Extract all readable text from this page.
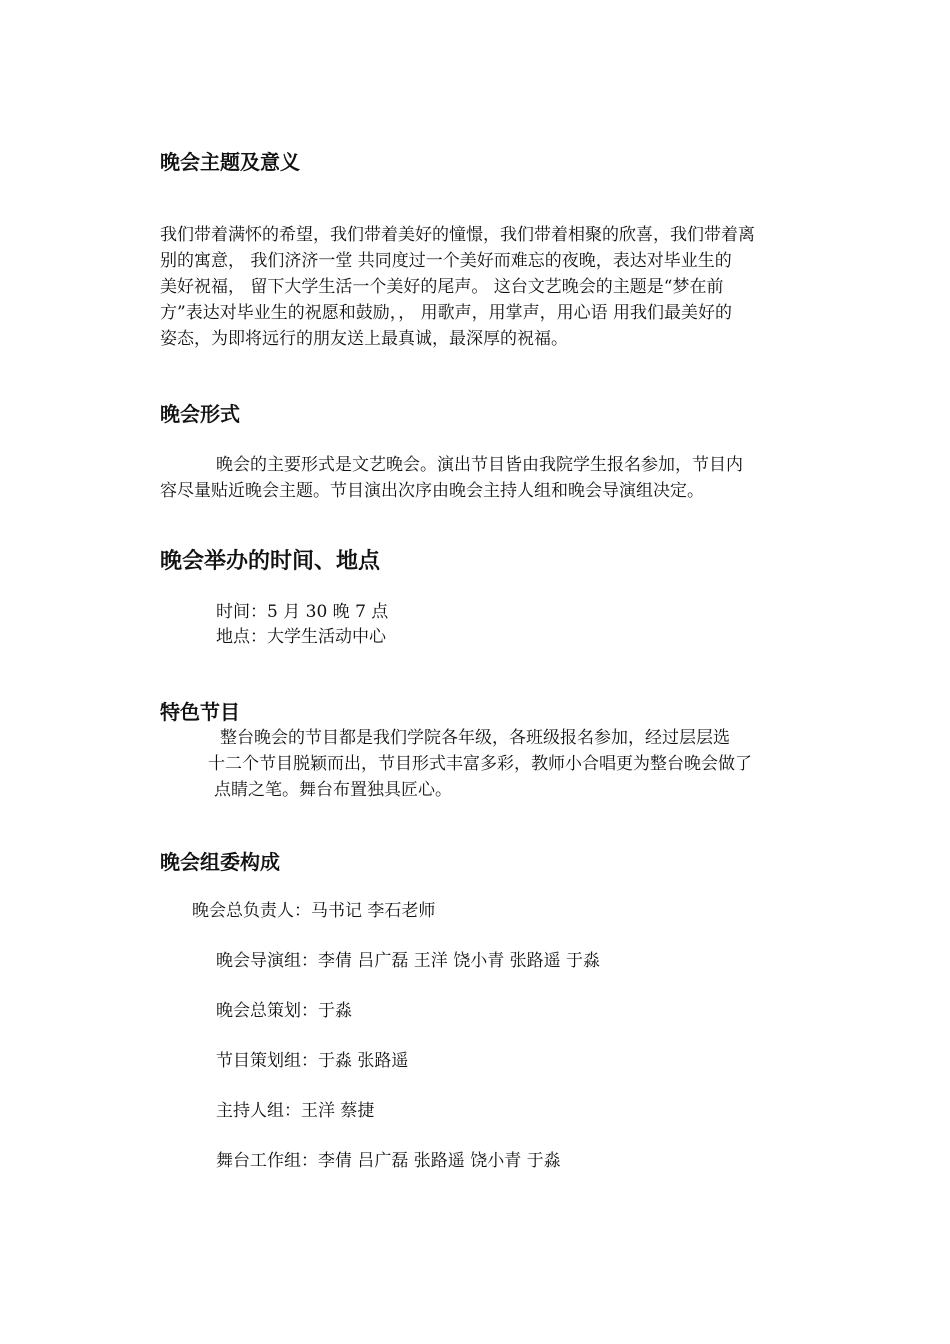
晚会主题及意义
我们带着满怀的希望，我们带着美好的憧憬，我们带着相聚的欣喜，我们带着离
别的寓意， 我们济济一堂 共同度过一个美好而难忘的夜晚，表达对毕业生的
美好祝福， 留下大学生活一个美好的尾声。 这台文艺晚会的主题是“梦在前
方”表达对毕业生的祝愿和鼓励，， 用歌声，用掌声，用心语 用我们最美好的
姿态，为即将远行的朋友送上最真诚，最深厚的祝福。
晚会形式
晚会的主要形式是文艺晚会。演出节目皆由我院学生报名参加，节目内
容尽量贴近晚会主题。节目演出次序由晚会主持人组和晚会导演组决定。
晚会举办的时间、地点
时间：5 月 30 晚 7 点
地点：大学生活动中心
特色节目
整台晚会的节目都是我们学院各年级，各班级报名参加，经过层层选
十二个节目脱颖而出，节目形式丰富多彩，教师小合唱更为整台晚会做了
点睛之笔。舞台布置独具匠心。
晚会组委构成
晚会总负责人：马书记 李石老师
晚会导演组：李倩 吕广磊 王洋 饶小青 张路遥 于淼
晚会总策划：于淼
节目策划组：于淼 张路遥
主持人组：王洋 蔡捷
舞台工作组：李倩 吕广磊 张路遥 饶小青 于淼
